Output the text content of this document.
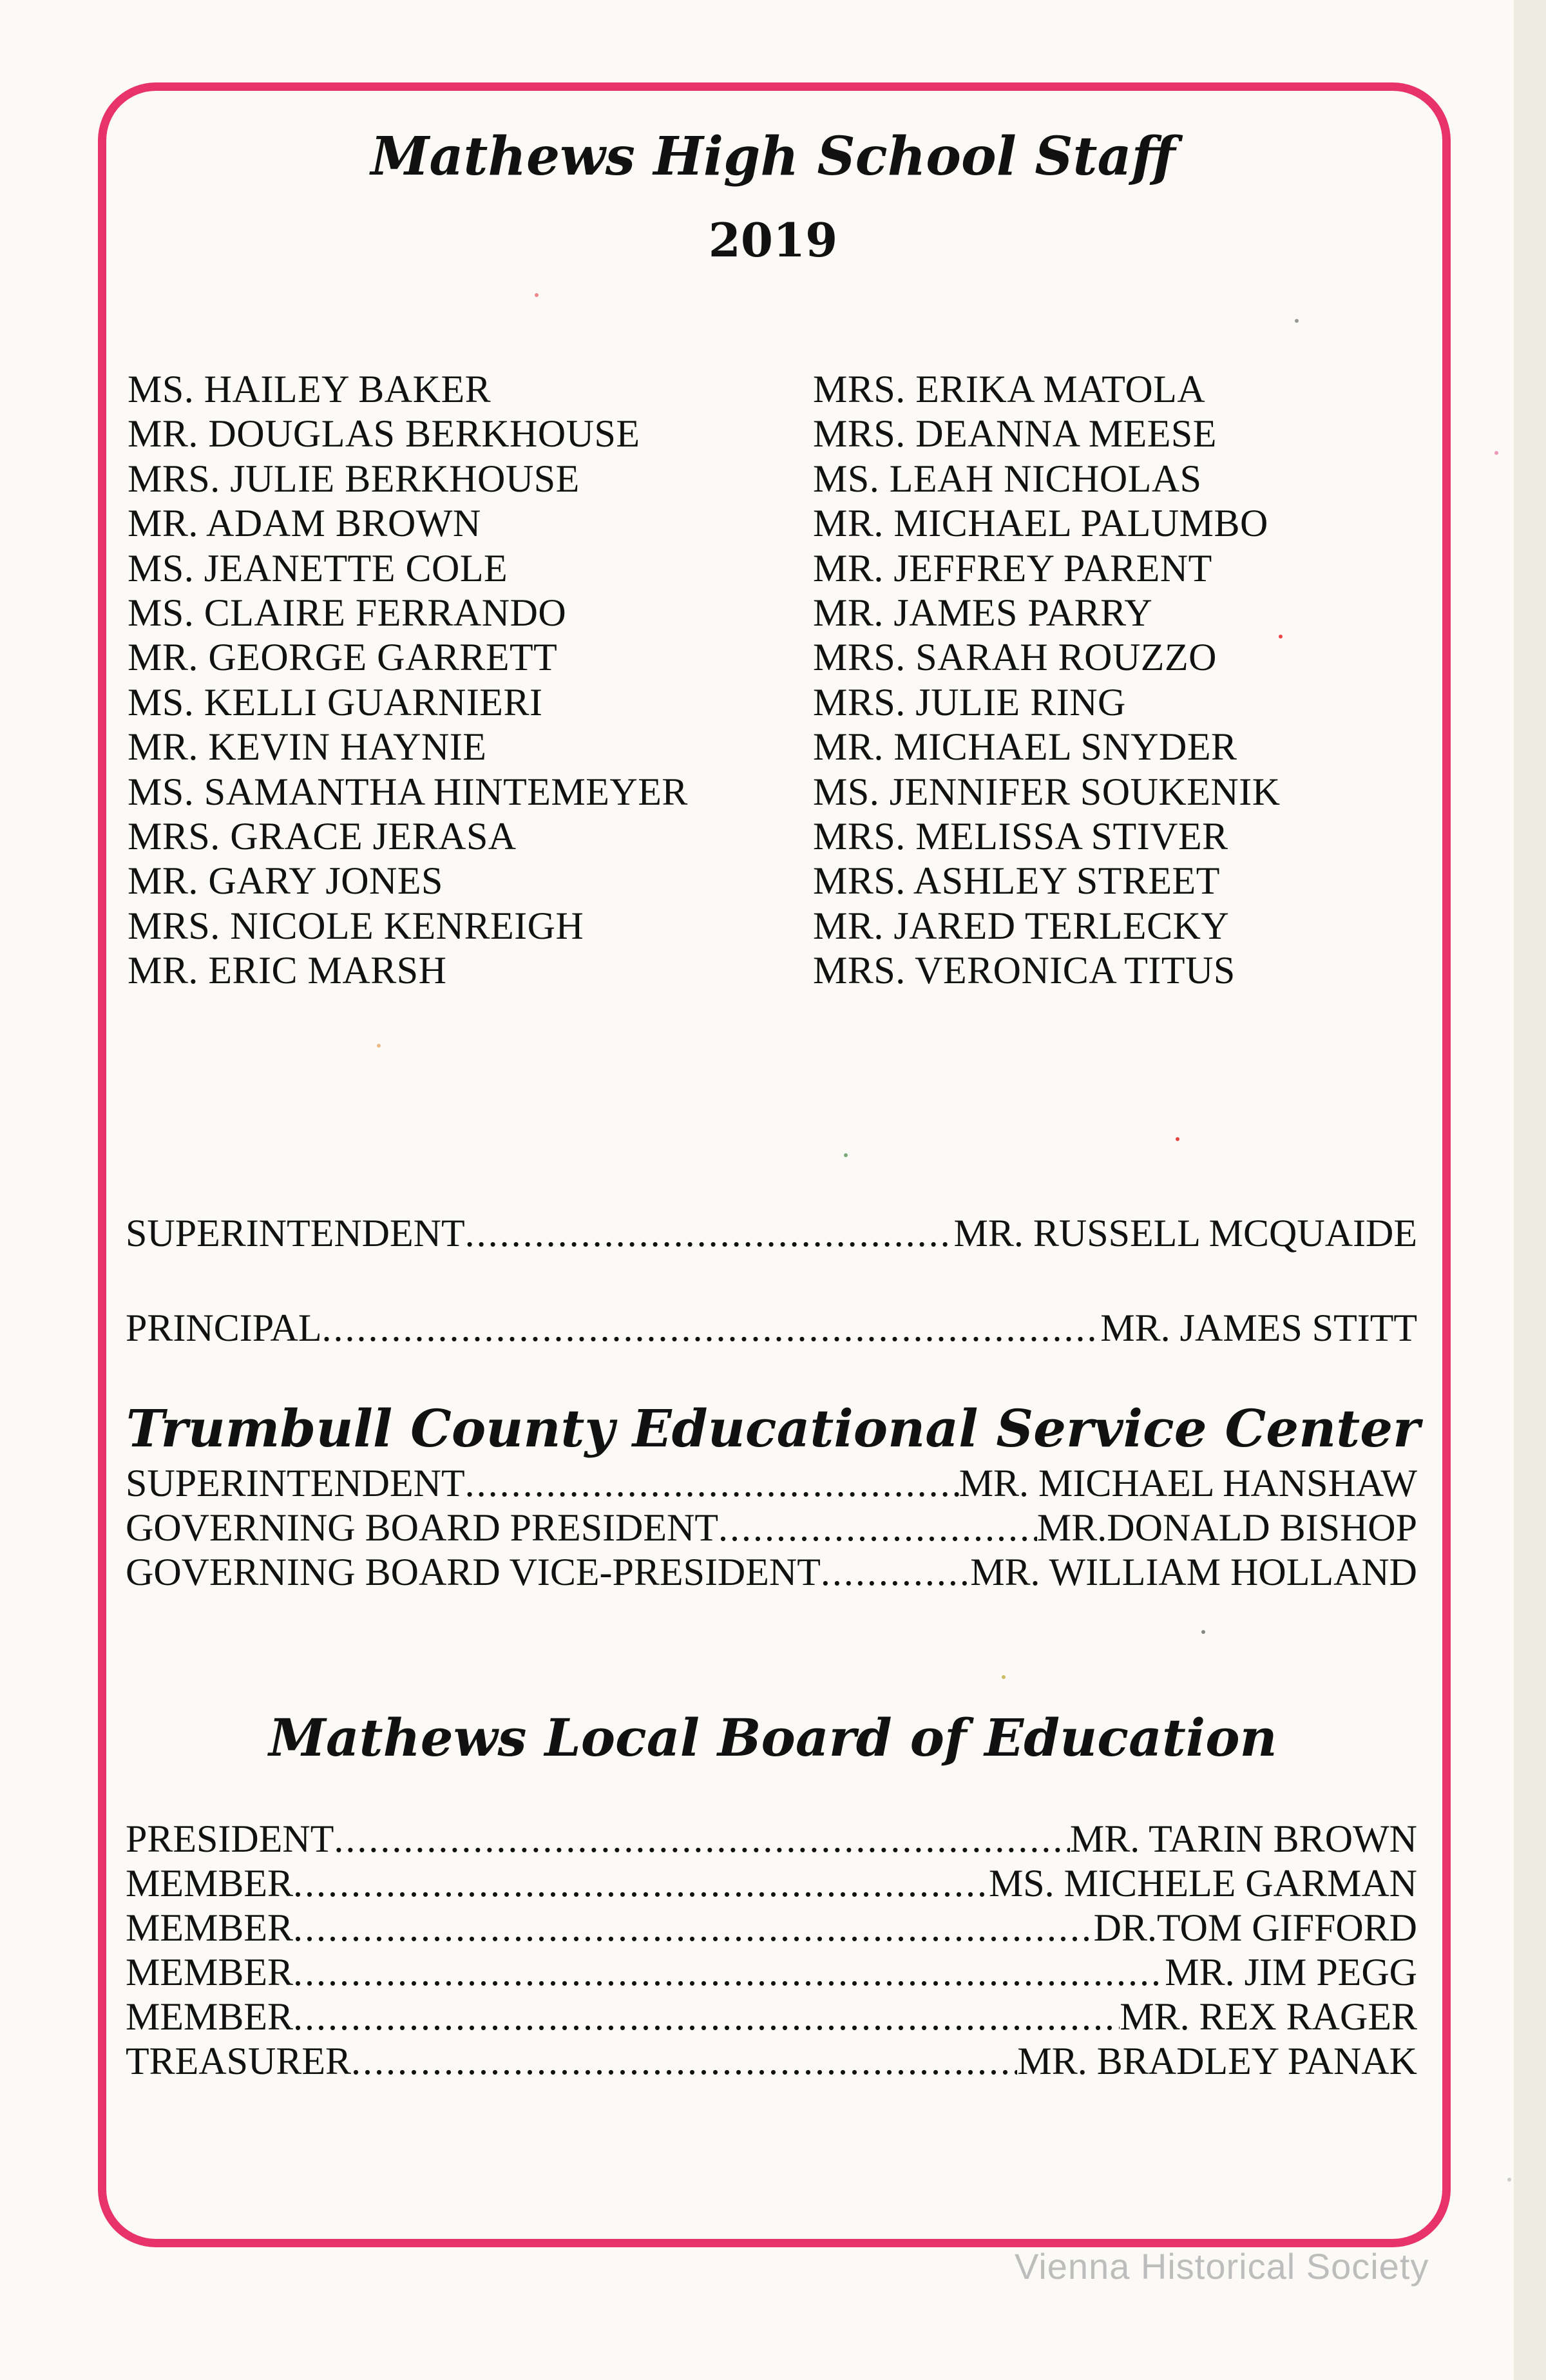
Mathews High School Staff
2019
MS. HAILEY BAKER
MR. DOUGLAS BERKHOUSE
MRS. JULIE BERKHOUSE
MR. ADAM BROWN
MS. JEANETTE COLE
MS. CLAIRE FERRANDO
MR. GEORGE GARRETT
MS. KELLI GUARNIERI
MR. KEVIN HAYNIE
MS. SAMANTHA HINTEMEYER
MRS. GRACE JERASA
MR. GARY JONES
MRS. NICOLE KENREIGH
MR. ERIC MARSH
MRS. ERIKA MATOLA
MRS. DEANNA MEESE
MS. LEAH NICHOLAS
MR. MICHAEL PALUMBO
MR. JEFFREY PARENT
MR. JAMES PARRY
MRS. SARAH ROUZZO
MRS. JULIE RING
MR. MICHAEL SNYDER
MS. JENNIFER SOUKENIK
MRS. MELISSA STIVER
MRS. ASHLEY STREET
MR. JARED TERLECKY
MRS. VERONICA TITUS
SUPERINTENDENT .....	MR. RUSSELL MCQUAIDE
PRINCIPAL .....	MR. JAMES STITT
Trumbull County Educational Service Center
SUPERINTENDENT .....	MR. MICHAEL HANSHAW
GOVERNING BOARD PRESIDENT .....	MR.DONALD BISHOP
GOVERNING BOARD VICE-PRESIDENT .....	MR. WILLIAM HOLLAND
Mathews Local Board of Education
PRESIDENT .....	MR. TARIN BROWN
MEMBER .....	MS. MICHELE GARMAN
MEMBER .....	DR.TOM GIFFORD
MEMBER .....	MR. JIM PEGG
MEMBER .....	MR. REX RAGER
TREASURER .....	MR. BRADLEY PANAK
Vienna Historical Society
